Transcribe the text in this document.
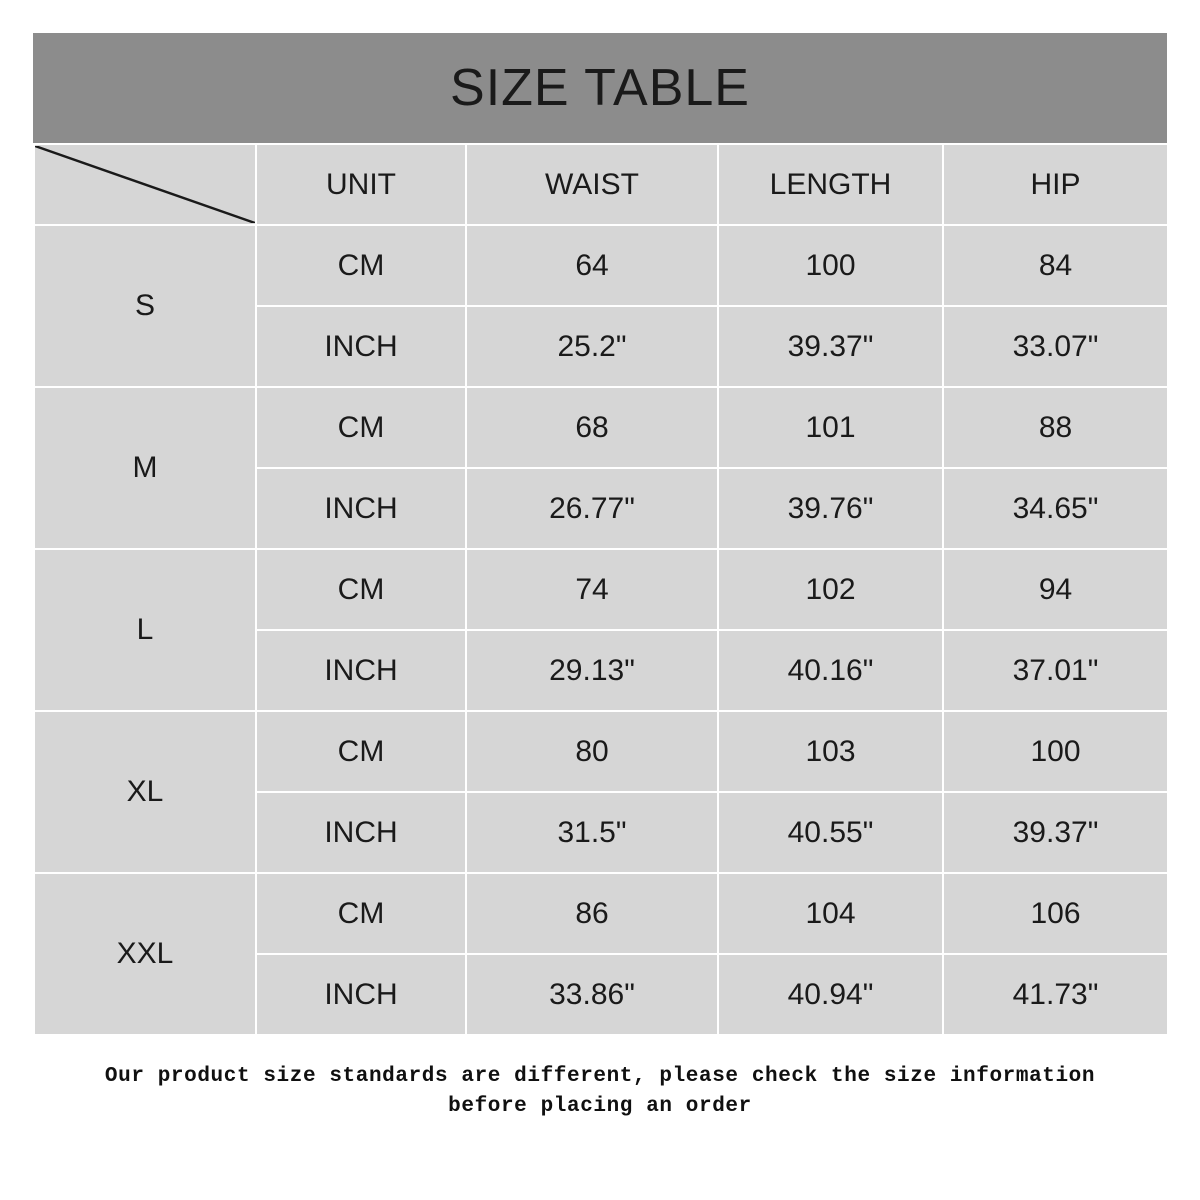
SIZE TABLE
	UNIT	WAIST	LENGTH	HIP
S	CM	64	100	84
	INCH	25.2"	39.37"	33.07"
M	CM	68	101	88
	INCH	26.77"	39.76"	34.65"
L	CM	74	102	94
	INCH	29.13"	40.16"	37.01"
XL	CM	80	103	100
	INCH	31.5"	40.55"	39.37"
XXL	CM	86	104	106
	INCH	33.86"	40.94"	41.73"
Our product size standards are different, please check the size information
before placing an order
